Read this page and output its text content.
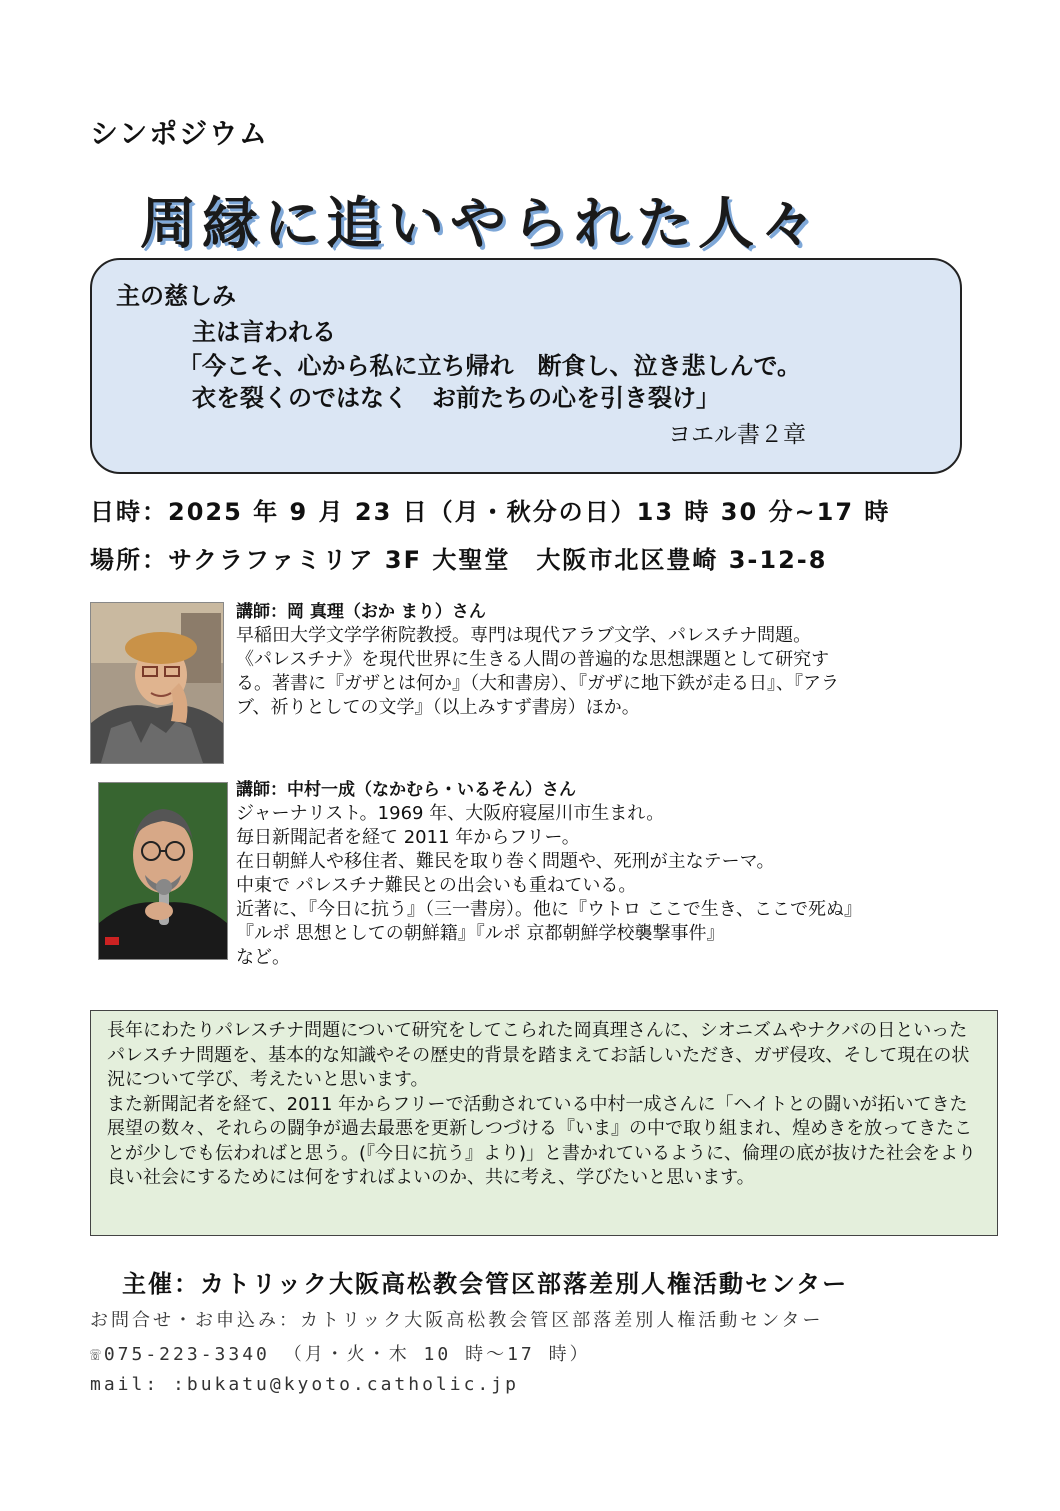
シンポジウム
周縁に追いやられた人々
主の慈しみ
主は言われる
「今こそ、心から私に立ち帰れ　断食し、泣き悲しんで。
衣を裂くのではなく　お前たちの心を引き裂け」
ヨエル書２章
日時：2025 年 9 月 23 日（月・秋分の日）13 時 30 分~17 時
場所：サクラファミリア 3F 大聖堂　大阪市北区豊崎 3-12-8
講師：岡 真理（おか まり）さん
早稲田大学文学学術院教授。専門は現代アラブ文学、パレスチナ問題。
《パレスチナ》を現代世界に生きる人間の普遍的な思想課題として研究す
る。著書に『ガザとは何か』（大和書房）、『ガザに地下鉄が走る日』、『アラ
ブ、祈りとしての文学』（以上みすず書房）ほか。
講師：中村一成（なかむら・いるそん）さん
ジャーナリスト。1969 年、大阪府寝屋川市生まれ。
毎日新聞記者を経て 2011 年からフリー。
在日朝鮮人や移住者、難民を取り巻く問題や、死刑が主なテーマ。
中東で パレスチナ難民との出会いも重ねている。
近著に、『今日に抗う』（三一書房）。他に『ウトロ ここで生き、ここで死ぬ』
『ルポ 思想としての朝鮮籍』『ルポ 京都朝鮮学校襲撃事件』
など。

長年にわたりパレスチナ問題について研究をしてこられた岡真理さんに、シオニズムやナクバの日といったパレスチナ問題を、基本的な知識やその歴史的背景を踏まえてお話しいただき、ガザ侵攻、そして現在の状況について学び、考えたいと思います。

また新聞記者を経て、2011 年からフリーで活動されている中村一成さんに「ヘイトとの闘いが拓いてきた展望の数々、それらの闘争が過去最悪を更新しつづける『いま』の中で取り組まれ、煌めきを放ってきたことが少しでも伝わればと思う。(『今日に抗う』より)」と書かれているように、倫理の底が抜けた社会をより良い社会にするためには何をすればよいのか、共に考え、学びたいと思います。

主催：カトリック大阪高松教会管区部落差別人権活動センター
お問合せ・お申込み：カトリック大阪高松教会管区部落差別人権活動センター
☏075-223-3340 （月・火・木 10 時～17 時）
mail: :bukatu@kyoto.catholic.jp
